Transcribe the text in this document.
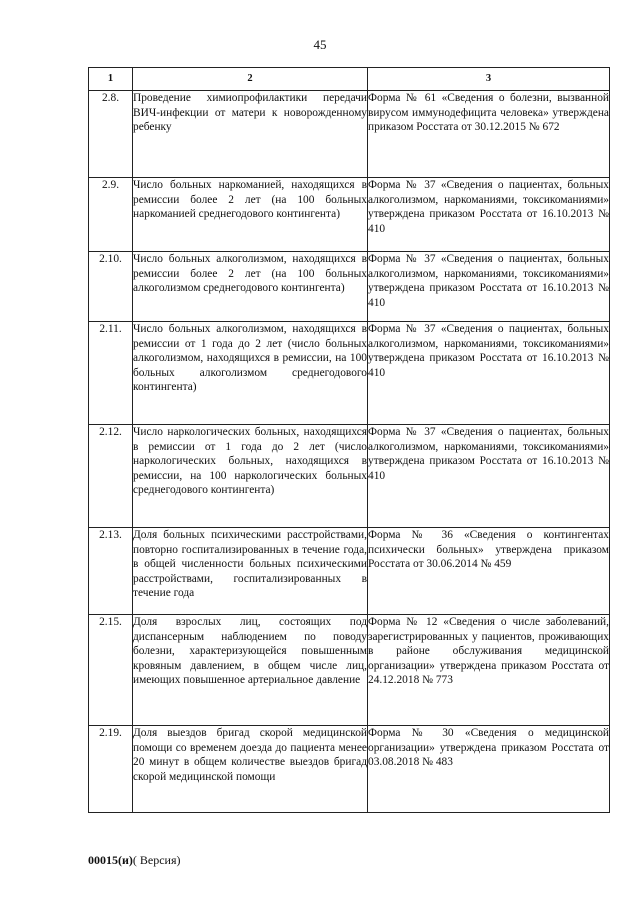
45
1	2	3
2.8.	Проведение химиопрофилактики передачи ВИЧ-инфекции от матери к новорожденному ребенку	Форма № 61 «Сведения о болезни, вызванной вирусом иммунодефицита человека» утверждена приказом Росстата от 30.12.2015 № 672
2.9.	Число больных наркоманией, находящихся в ремиссии более 2 лет (на 100 больных наркоманией среднегодового контингента)	Форма № 37 «Сведения о пациентах, больных алкоголизмом, наркоманиями, токсикоманиями» утверждена приказом Росстата от 16.10.2013 № 410
2.10.	Число больных алкоголизмом, находящихся в ремиссии более 2 лет (на 100 больных алкоголизмом среднегодового контингента)	Форма № 37 «Сведения о пациентах, больных алкоголизмом, наркоманиями, токсикоманиями» утверждена приказом Росстата от 16.10.2013 № 410
2.11.	Число больных алкоголизмом, находящихся в ремиссии от 1 года до 2 лет (число больных алкоголизмом, находящихся в ремиссии, на 100 больных алкоголизмом среднегодового контингента)	Форма № 37 «Сведения о пациентах, больных алкоголизмом, наркоманиями, токсикоманиями» утверждена приказом Росстата от 16.10.2013 № 410
2.12.	Число наркологических больных, находящихся в ремиссии от 1 года до 2 лет (число наркологических больных, находящихся в ремиссии, на 100 наркологических больных среднегодового контингента)	Форма № 37 «Сведения о пациентах, больных алкоголизмом, наркоманиями, токсикоманиями» утверждена приказом Росстата от 16.10.2013 № 410
2.13.	Доля больных психическими расстройствами, повторно госпитализированных в течение года, в общей численности больных психическими расстройствами, госпитализированных в течение года	Форма № 36 «Сведения о контингентах психически больных» утверждена приказом Росстата от 30.06.2014 № 459
2.15.	Доля взрослых лиц, состоящих под диспансерным наблюдением по поводу болезни, характеризующейся повышенным кровяным давлением, в общем числе лиц, имеющих повышенное артериальное давление	Форма № 12 «Сведения о числе заболеваний, зарегистрированных у пациентов, проживающих в районе обслуживания медицинской организации» утверждена приказом Росстата от 24.12.2018 № 773
2.19.	Доля выездов бригад скорой медицинской помощи со временем доезда до пациента менее 20 минут в общем количестве выездов бригад скорой медицинской помощи	Форма № 30 «Сведения о медицинской организации» утверждена приказом Росстата от 03.08.2018 № 483
00015(и)( Версия)
